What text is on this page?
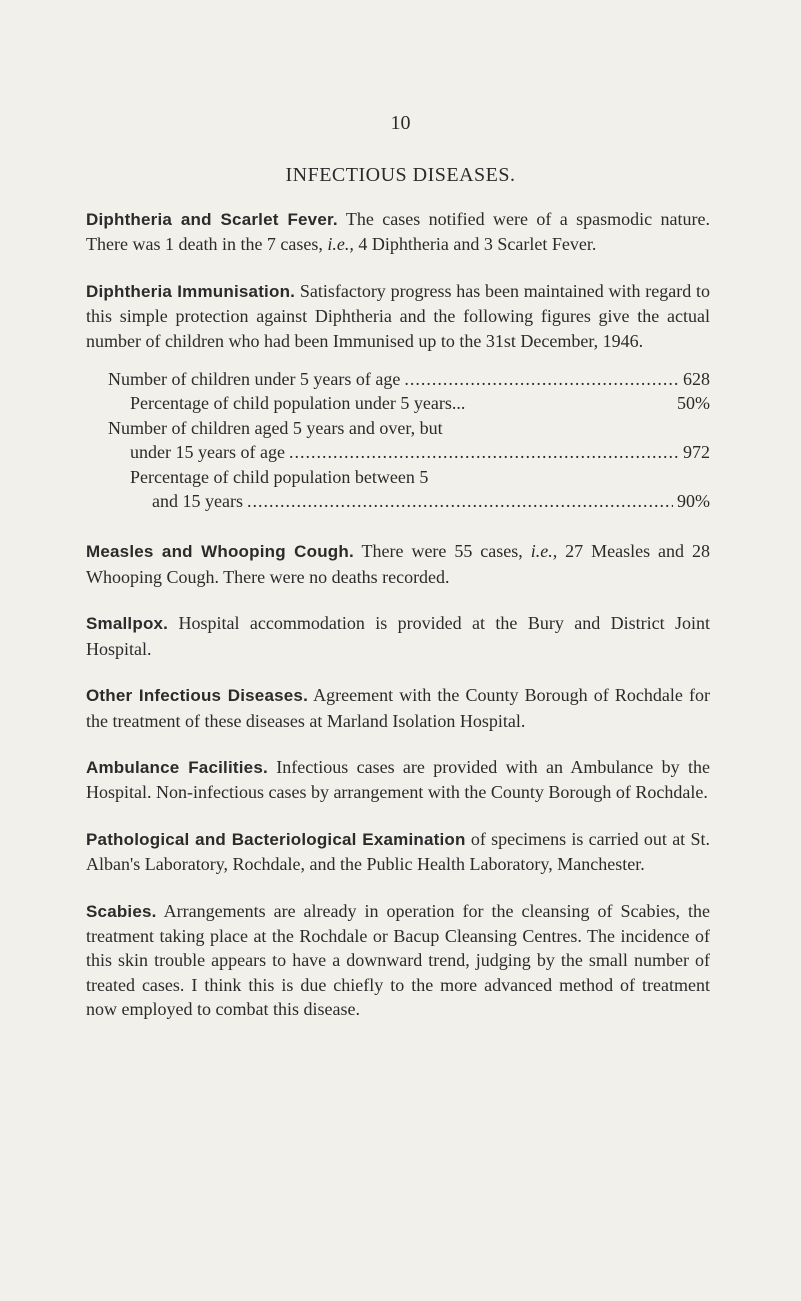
10
INFECTIOUS DISEASES.

Diphtheria and Scarlet Fever. The cases notified were of a spasmodic nature. There was 1 death in the 7 cases, i.e., 4 Diphtheria and 3 Scarlet Fever.

Diphtheria Immunisation. Satisfactory progress has been maintained with regard to this simple protection against Diphtheria and the following figures give the actual number of children who had been Immunised up to the 31st December, 1946.

Number of children under 5 years of age .....	628
Percentage of child population under 5 years...	50%
Number of children aged 5 years and over, but
under 15 years of age .....	972
Percentage of child population between 5
and 15 years .....	90%

Measles and Whooping Cough. There were 55 cases, i.e., 27 Measles and 28 Whooping Cough. There were no deaths recorded.

Smallpox. Hospital accommodation is provided at the Bury and District Joint Hospital.

Other Infectious Diseases. Agreement with the County Borough of Rochdale for the treatment of these diseases at Marland Isolation Hospital.

Ambulance Facilities. Infectious cases are provided with an Ambulance by the Hospital. Non-infectious cases by arrangement with the County Borough of Rochdale.

Pathological and Bacteriological Examination of specimens is carried out at St. Alban's Laboratory, Rochdale, and the Public Health Laboratory, Manchester.

Scabies. Arrangements are already in operation for the cleansing of Scabies, the treatment taking place at the Rochdale or Bacup Cleansing Centres. The incidence of this skin trouble appears to have a downward trend, judging by the small number of treated cases. I think this is due chiefly to the more advanced method of treatment now employed to combat this disease.
